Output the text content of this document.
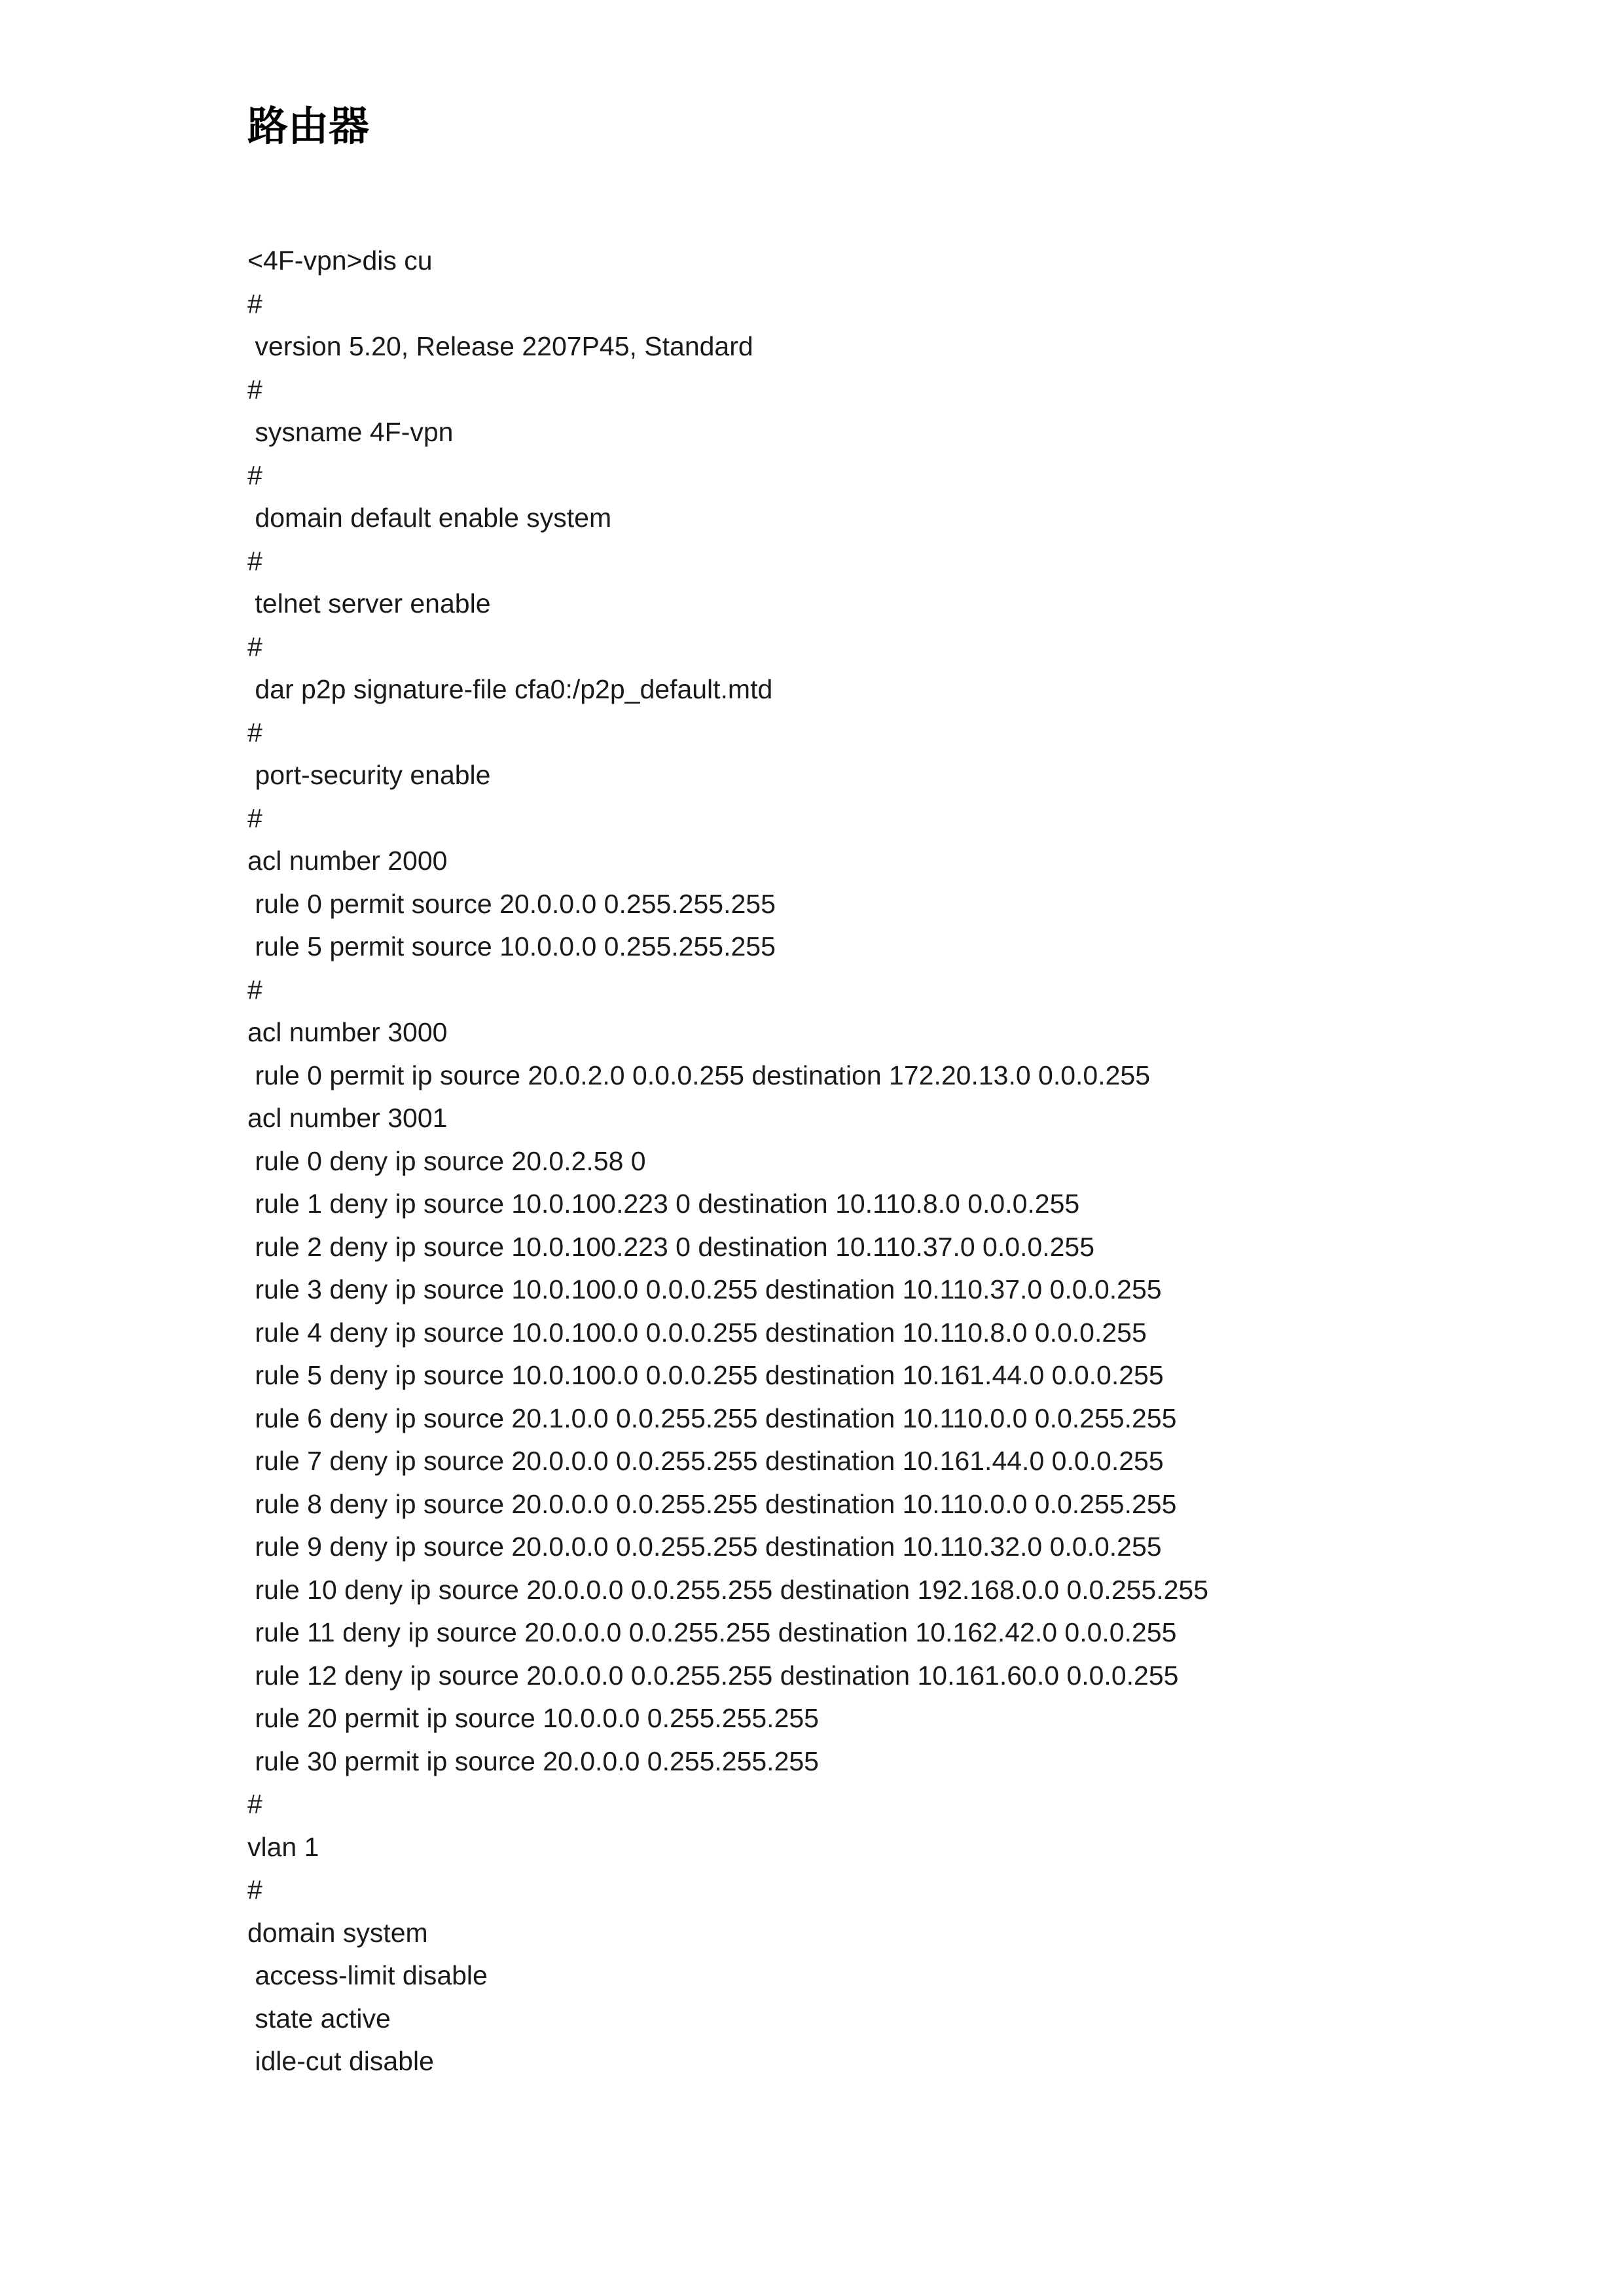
路由器
<4F-vpn>dis cu
#
version 5.20, Release 2207P45, Standard
#
sysname 4F-vpn
#
domain default enable system
#
telnet server enable
#
dar p2p signature-file cfa0:/p2p_default.mtd
#
port-security enable
#
acl number 2000
rule 0 permit source 20.0.0.0 0.255.255.255
rule 5 permit source 10.0.0.0 0.255.255.255
#
acl number 3000
rule 0 permit ip source 20.0.2.0 0.0.0.255 destination 172.20.13.0 0.0.0.255
acl number 3001
rule 0 deny ip source 20.0.2.58 0
rule 1 deny ip source 10.0.100.223 0 destination 10.110.8.0 0.0.0.255
rule 2 deny ip source 10.0.100.223 0 destination 10.110.37.0 0.0.0.255
rule 3 deny ip source 10.0.100.0 0.0.0.255 destination 10.110.37.0 0.0.0.255
rule 4 deny ip source 10.0.100.0 0.0.0.255 destination 10.110.8.0 0.0.0.255
rule 5 deny ip source 10.0.100.0 0.0.0.255 destination 10.161.44.0 0.0.0.255
rule 6 deny ip source 20.1.0.0 0.0.255.255 destination 10.110.0.0 0.0.255.255
rule 7 deny ip source 20.0.0.0 0.0.255.255 destination 10.161.44.0 0.0.0.255
rule 8 deny ip source 20.0.0.0 0.0.255.255 destination 10.110.0.0 0.0.255.255
rule 9 deny ip source 20.0.0.0 0.0.255.255 destination 10.110.32.0 0.0.0.255
rule 10 deny ip source 20.0.0.0 0.0.255.255 destination 192.168.0.0 0.0.255.255
rule 11 deny ip source 20.0.0.0 0.0.255.255 destination 10.162.42.0 0.0.0.255
rule 12 deny ip source 20.0.0.0 0.0.255.255 destination 10.161.60.0 0.0.0.255
rule 20 permit ip source 10.0.0.0 0.255.255.255
rule 30 permit ip source 20.0.0.0 0.255.255.255
#
vlan 1
#
domain system
access-limit disable
state active
idle-cut disable
